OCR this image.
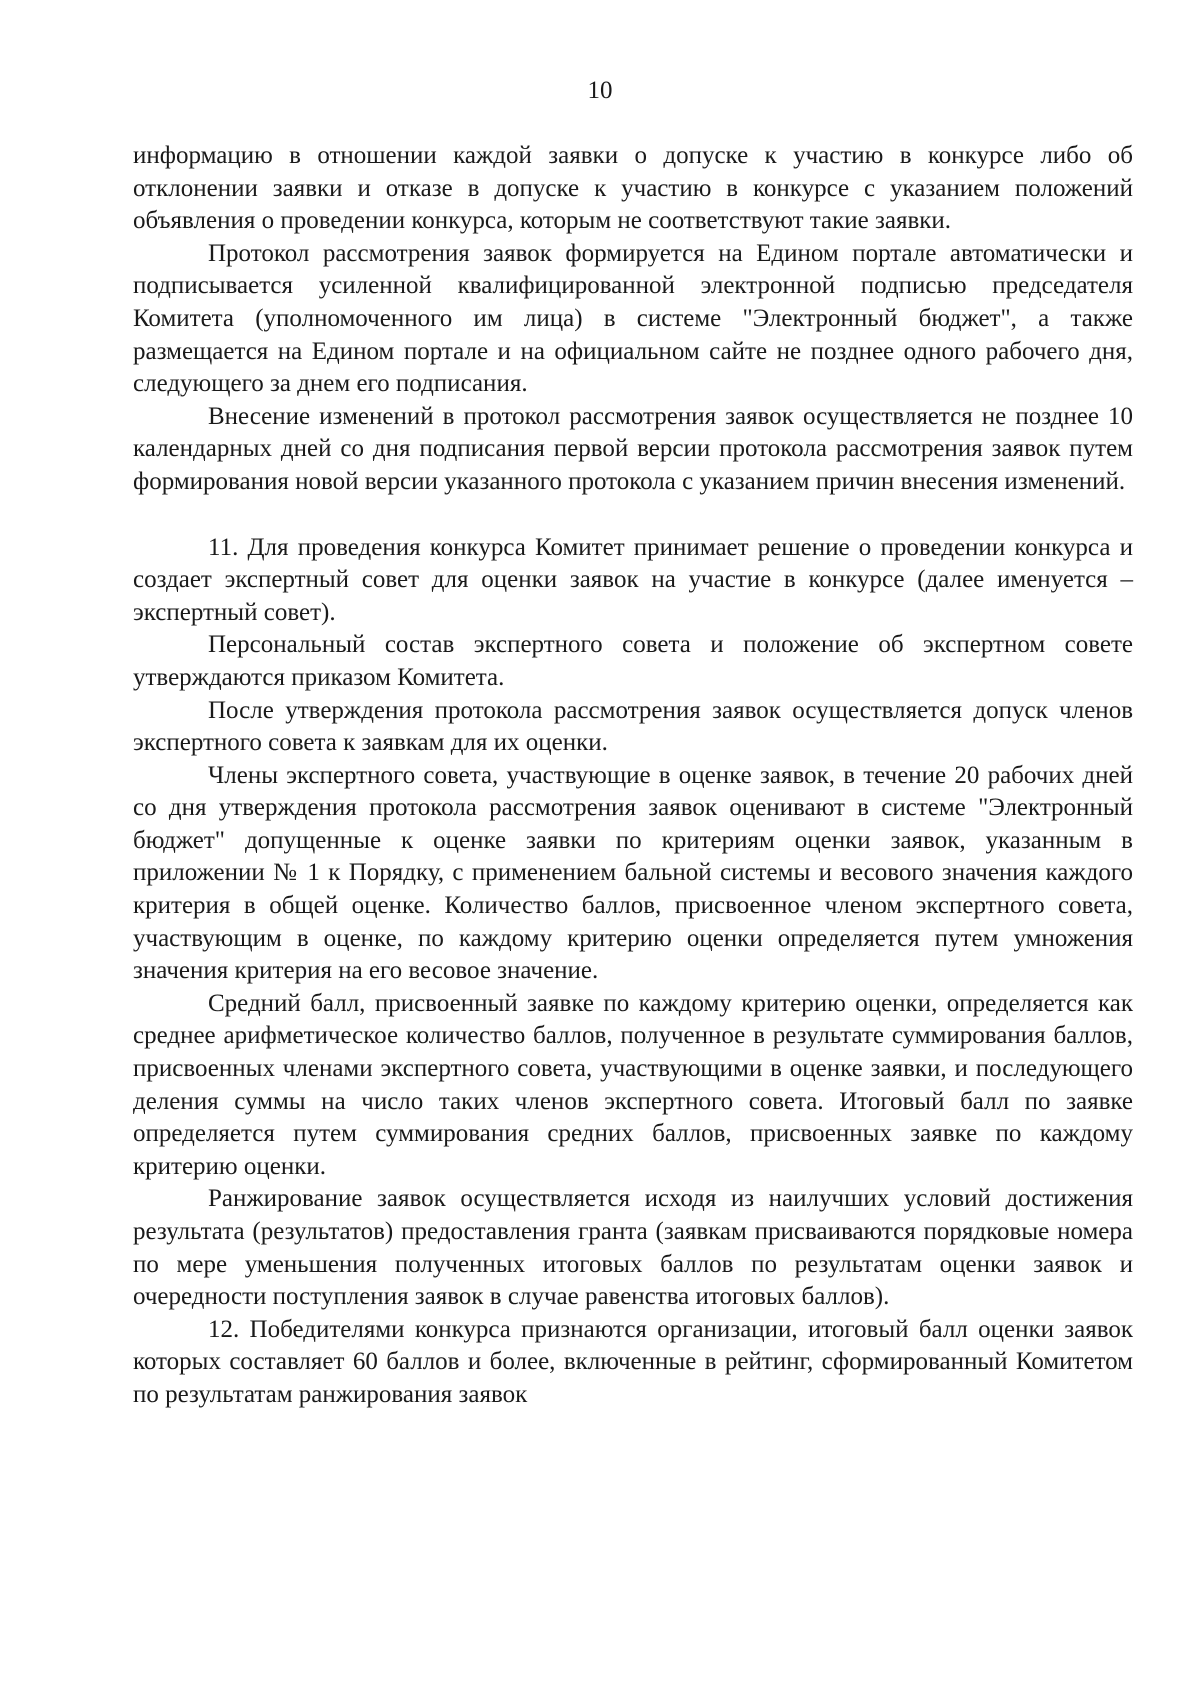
10

информацию в отношении каждой заявки о допуске к участию в конкурсе либо об отклонении заявки и отказе в допуске к участию в конкурсе с указанием положений объявления о проведении конкурса, которым не соответствуют такие заявки.

Протокол рассмотрения заявок формируется на Едином портале автоматически и подписывается усиленной квалифицированной электронной подписью председателя Комитета (уполномоченного им лица) в системе "Электронный бюджет", а также размещается на Едином портале и на официальном сайте не позднее одного рабочего дня, следующего за днем его подписания.

Внесение изменений в протокол рассмотрения заявок осуществляется не позднее 10 календарных дней со дня подписания первой версии протокола рассмотрения заявок путем формирования новой версии указанного протокола с указанием причин внесения изменений.

11. Для проведения конкурса Комитет принимает решение о проведении конкурса и создает экспертный совет для оценки заявок на участие в конкурсе (далее именуется – экспертный совет).

Персональный состав экспертного совета и положение об экспертном совете утверждаются приказом Комитета.

После утверждения протокола рассмотрения заявок осуществляется допуск членов экспертного совета к заявкам для их оценки.

Члены экспертного совета, участвующие в оценке заявок, в течение 20 рабочих дней со дня утверждения протокола рассмотрения заявок оценивают в системе "Электронный бюджет" допущенные к оценке заявки по критериям оценки заявок, указанным в приложении № 1 к Порядку, с применением бальной системы и весового значения каждого критерия в общей оценке. Количество баллов, присвоенное членом экспертного совета, участвующим в оценке, по каждому критерию оценки определяется путем умножения значения критерия на его весовое значение.

Средний балл, присвоенный заявке по каждому критерию оценки, определяется как среднее арифметическое количество баллов, полученное в результате суммирования баллов, присвоенных членами экспертного совета, участвующими в оценке заявки, и последующего деления суммы на число таких членов экспертного совета. Итоговый балл по заявке определяется путем суммирования средних баллов, присвоенных заявке по каждому критерию оценки.

Ранжирование заявок осуществляется исходя из наилучших условий достижения результата (результатов) предоставления гранта (заявкам присваиваются порядковые номера по мере уменьшения полученных итоговых баллов по результатам оценки заявок и очередности поступления заявок в случае равенства итоговых баллов).

12. Победителями конкурса признаются организации, итоговый балл оценки заявок которых составляет 60 баллов и более, включенные в рейтинг, сформированный Комитетом по результатам ранжирования заявок
